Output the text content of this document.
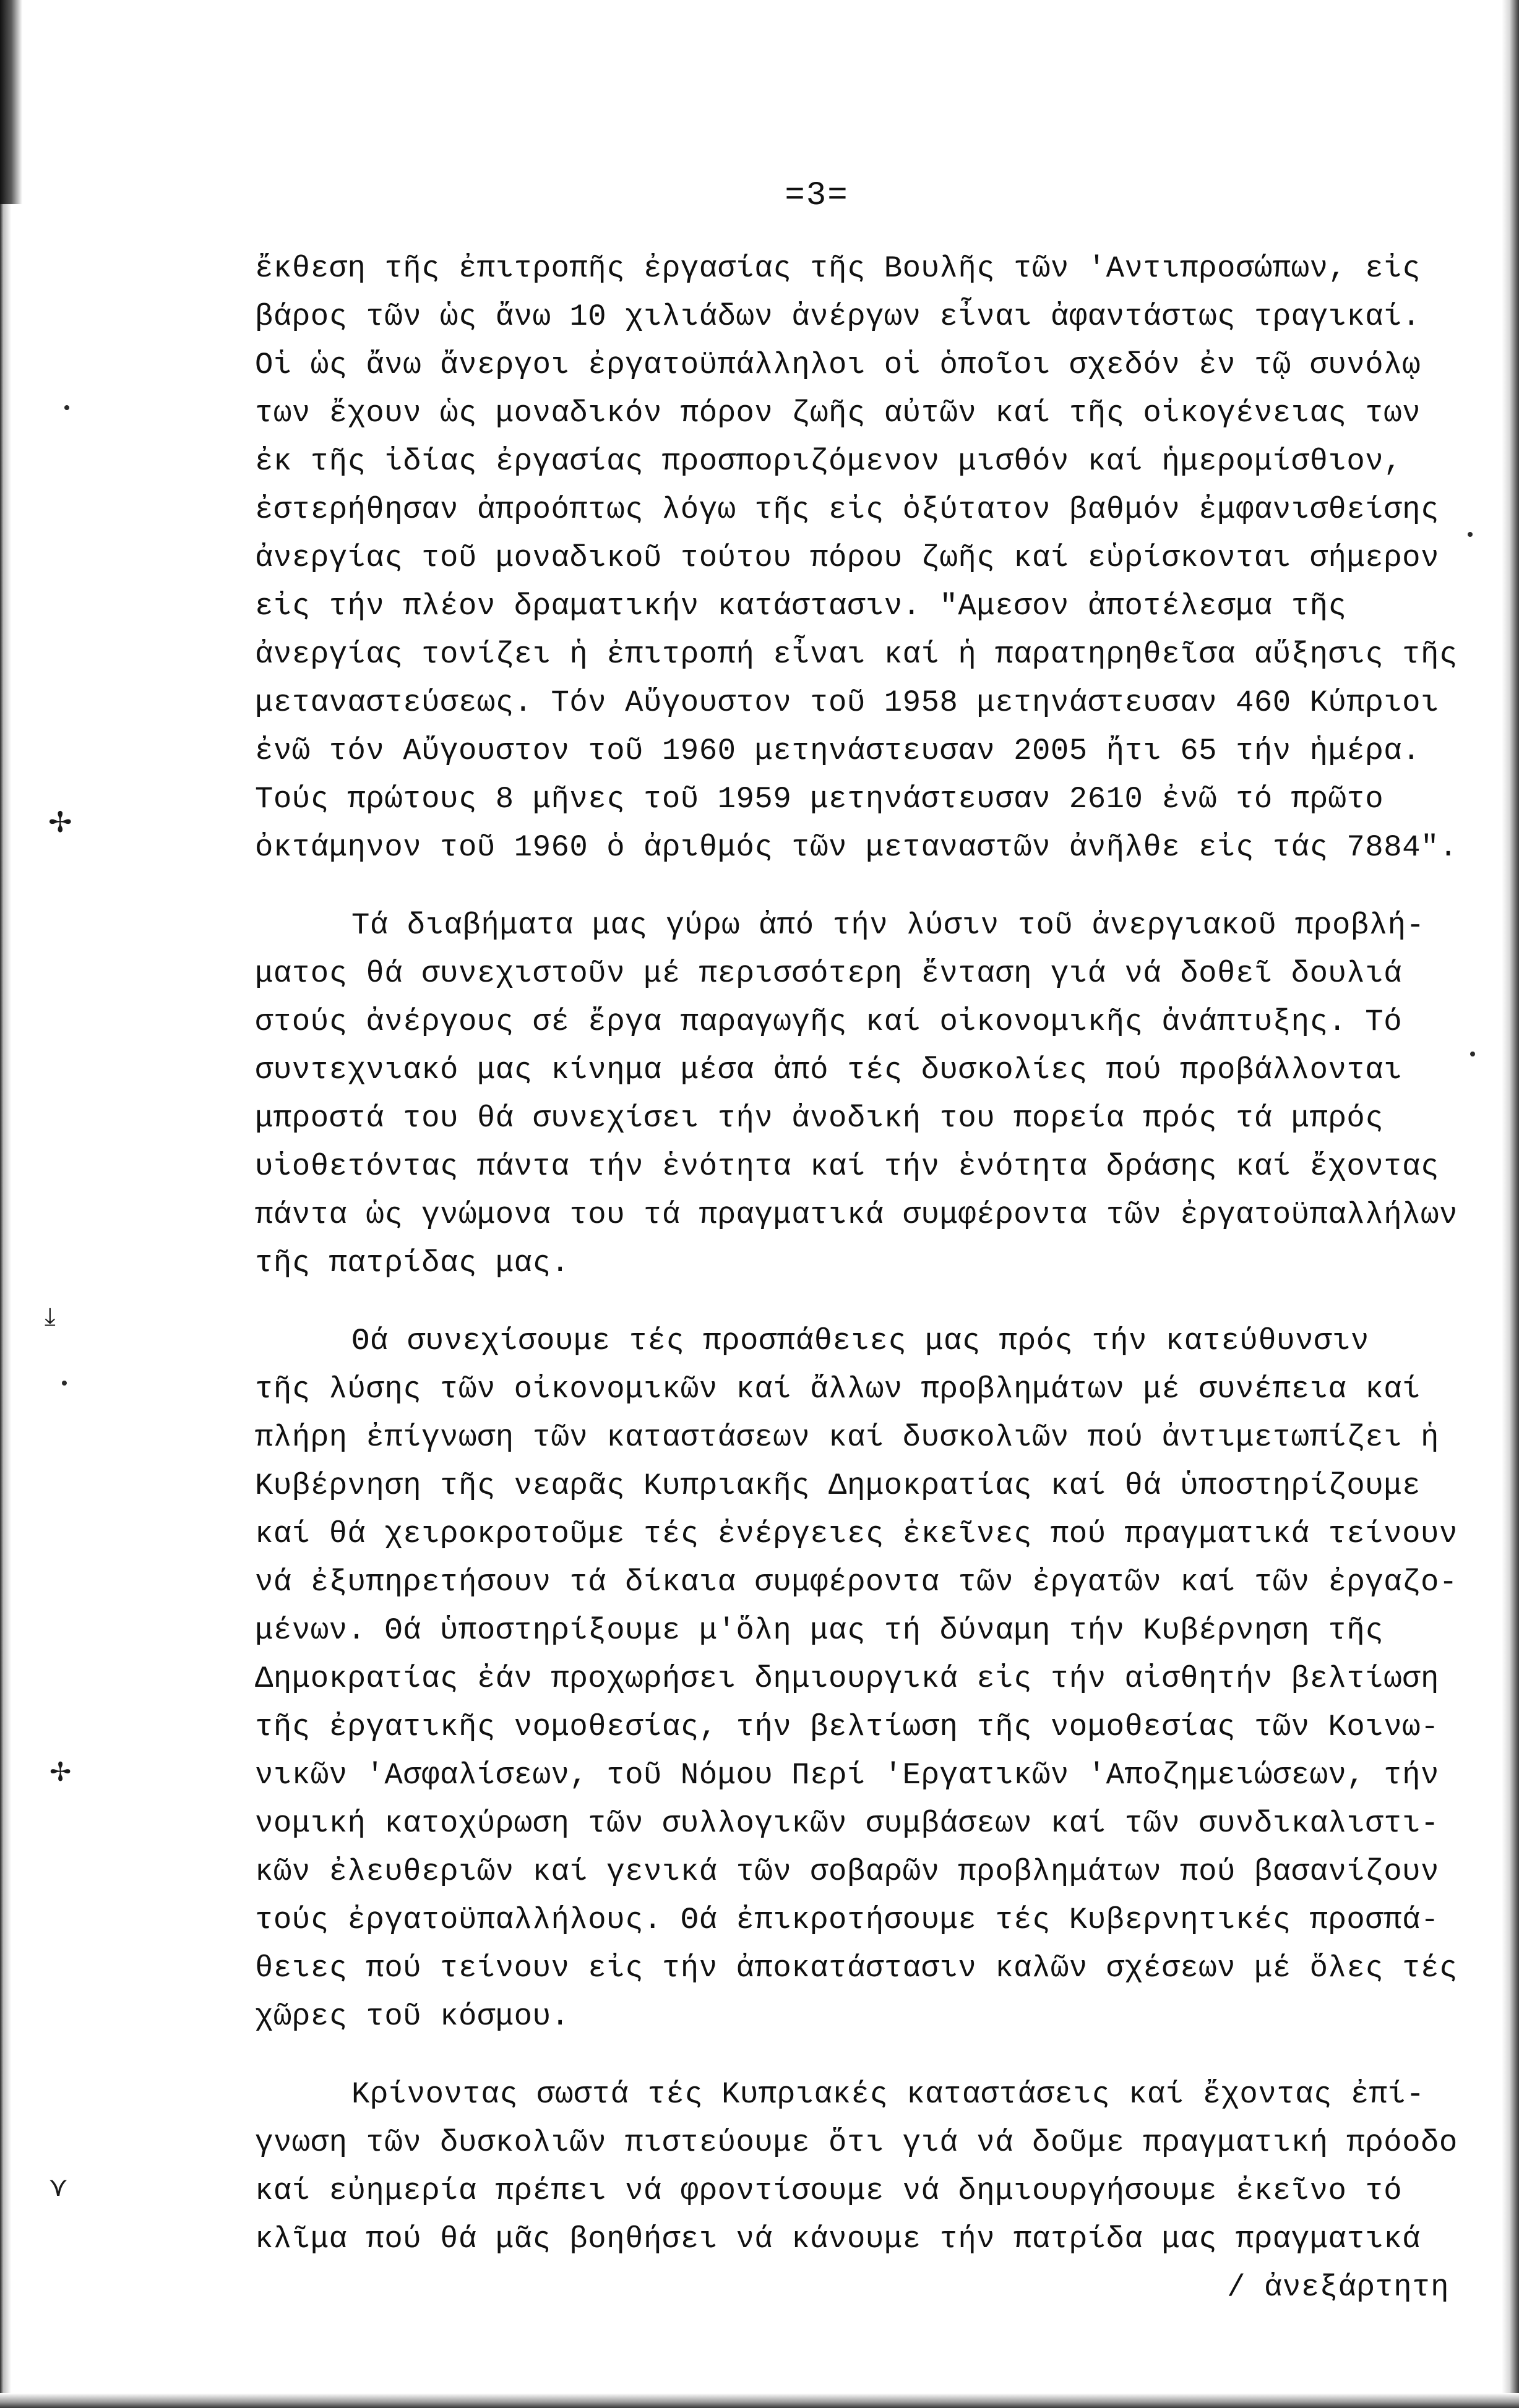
✢
⤓
✢
⋎
=3=
ἔκθεση τῆς ἐπιτροπῆς ἐργασίας τῆς Βουλῆς τῶν 'Αντιπροσώπων, εἰς
βάρος τῶν ὡς ἄνω 10 χιλιάδων ἀνέργων εἶναι ἀφαντάστως τραγικαί.
Οἱ ὡς ἄνω ἄνεργοι ἐργατοϋπάλληλοι οἱ ὁποῖοι σχεδόν ἐν τῷ συνόλῳ
των ἔχουν ὡς μοναδικόν πόρον ζωῆς αὐτῶν καί τῆς οἰκογένειας των
ἐκ τῆς ἰδίας ἐργασίας προσποριζόμενον μισθόν καί ἡμερομίσθιον,
ἐστερήθησαν ἀπροόπτως λόγω τῆς εἰς ὀξύτατον βαθμόν ἐμφανισθείσης
ἀνεργίας τοῦ μοναδικοῦ τούτου πόρου ζωῆς καί εὑρίσκονται σήμερον
εἰς τήν πλέον δραματικήν κατάστασιν. "Αμεσον ἀποτέλεσμα τῆς
ἀνεργίας τονίζει ἡ ἐπιτροπή εἶναι καί ἡ παρατηρηθεῖσα αὔξησις τῆς
μεταναστεύσεως. Τόν Αὔγουστον τοῦ 1958 μετηνάστευσαν 460 Κύπριοι
ἐνῶ τόν Αὔγουστον τοῦ 1960 μετηνάστευσαν 2005 ἤτι 65 τήν ἡμέρα.
Τούς πρώτους 8 μῆνες τοῦ 1959 μετηνάστευσαν 2610 ἐνῶ τό πρῶτο
ὀκτάμηνον τοῦ 1960 ὁ ἀριθμός τῶν μεταναστῶν ἀνῆλθε εἰς τάς 7884".
Τά διαβήματα μας γύρω ἀπό τήν λύσιν τοῦ ἀνεργιακοῦ προβλή-
ματος θά συνεχιστοῦν μέ περισσότερη ἔνταση γιά νά δοθεῖ δουλιά
στούς ἀνέργους σέ ἔργα παραγωγῆς καί οἰκονομικῆς ἀνάπτυξης. Τό
συντεχνιακό μας κίνημα μέσα ἀπό τές δυσκολίες πού προβάλλονται
μπροστά του θά συνεχίσει τήν ἀνοδική του πορεία πρός τά μπρός
υἱοθετόντας πάντα τήν ἑνότητα καί τήν ἑνότητα δράσης καί ἔχοντας
πάντα ὡς γνώμονα του τά πραγματικά συμφέροντα τῶν ἐργατοϋπαλλήλων
τῆς πατρίδας μας.
Θά συνεχίσουμε τές προσπάθειες μας πρός τήν κατεύθυνσιν
τῆς λύσης τῶν οἰκονομικῶν καί ἄλλων προβλημάτων μέ συνέπεια καί
πλήρη ἐπίγνωση τῶν καταστάσεων καί δυσκολιῶν πού ἀντιμετωπίζει ἡ
Κυβέρνηση τῆς νεαρᾶς Κυπριακῆς Δημοκρατίας καί θά ὑποστηρίζουμε
καί θά χειροκροτοῦμε τές ἐνέργειες ἐκεῖνες πού πραγματικά τείνουν
νά ἐξυπηρετήσουν τά δίκαια συμφέροντα τῶν ἐργατῶν καί τῶν ἐργαζο-
μένων. Θά ὑποστηρίξουμε μ'ὅλη μας τή δύναμη τήν Κυβέρνηση τῆς
Δημοκρατίας ἐάν προχωρήσει δημιουργικά εἰς τήν αἰσθητήν βελτίωση
τῆς ἐργατικῆς νομοθεσίας, τήν βελτίωση τῆς νομοθεσίας τῶν Κοινω-
νικῶν 'Ασφαλίσεων, τοῦ Νόμου Περί 'Εργατικῶν 'Αποζημειώσεων, τήν
νομική κατοχύρωση τῶν συλλογικῶν συμβάσεων καί τῶν συνδικαλιστι-
κῶν ἐλευθεριῶν καί γενικά τῶν σοβαρῶν προβλημάτων πού βασανίζουν
τούς ἐργατοϋπαλλήλους. Θά ἐπικροτήσουμε τές Κυβερνητικές προσπά-
θειες πού τείνουν εἰς τήν ἀποκατάστασιν καλῶν σχέσεων μέ ὅλες τές
χῶρες τοῦ κόσμου.
Κρίνοντας σωστά τές Κυπριακές καταστάσεις καί ἔχοντας ἐπί-
γνωση τῶν δυσκολιῶν πιστεύουμε ὅτι γιά νά δοῦμε πραγματική πρόοδο
καί εὐημερία πρέπει νά φροντίσουμε νά δημιουργήσουμε ἐκεῖνο τό
κλῖμα πού θά μᾶς βοηθήσει νά κάνουμε τήν πατρίδα μας πραγματικά
/ ἀνεξάρτητη
